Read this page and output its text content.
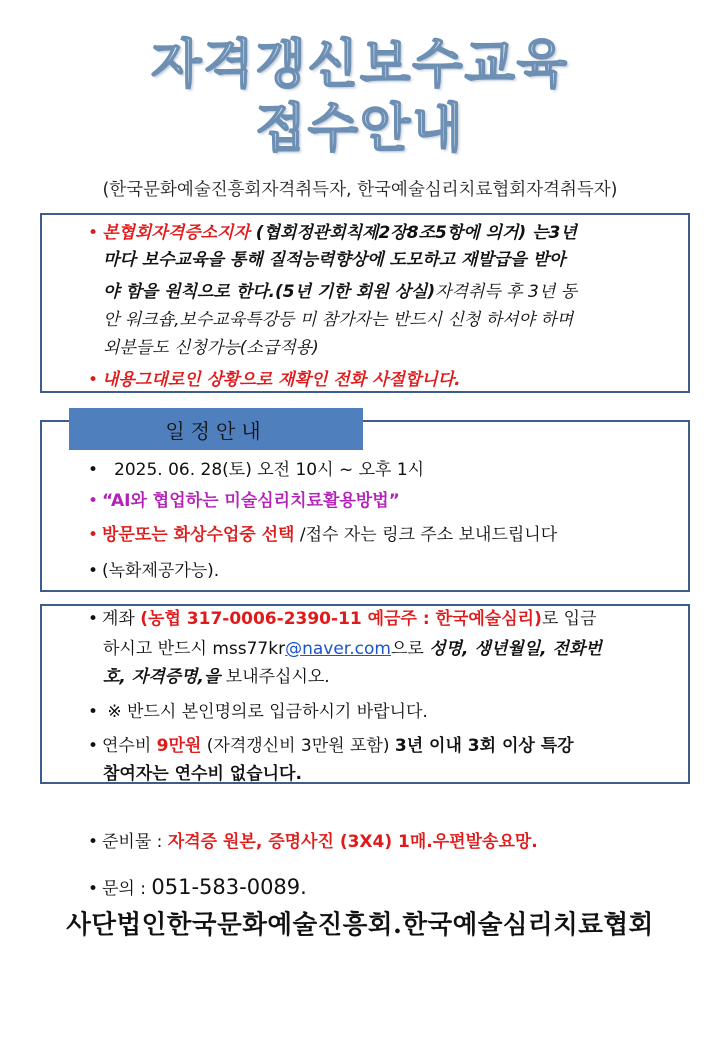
자격갱신보수교육
접수안내
(한국문화예술진흥회자격취득자, 한국예술심리치료협회자격취득자)
• 본협회자격증소지자 (협회정관회칙제2장8조5항에 의거) 는3년
마다 보수교육을 통해 질적능력향상에 도모하고 재발급을 받아
야 함을 원칙으로 한다.(5년 기한 회원 상실)자격취득 후 3년 동
안 워크숍,보수교육특강등 미 참가자는 반드시 신청 하셔야 하며
외분들도 신청가능(소급적용)
• 내용그대로인 상황으로 재확인 전화 사절합니다.
일정안내
• 2025. 06. 28(토) 오전 10시 ~ 오후 1시
• “AI와 협업하는 미술심리치료활용방법”
• 방문또는 화상수업중 선택 /접수 자는 링크 주소 보내드립니다
• (녹화제공가능).
• 계좌 (농협 317-0006-2390-11 예금주 : 한국예술심리)로 입금
하시고 반드시 mss77kr@naver.com으로 성명, 생년월일, 전화번
호, 자격증명,을 보내주십시오.
• ※ 반드시 본인명의로 입금하시기 바랍니다.
• 연수비 9만원 (자격갱신비 3만원 포함) 3년 이내 3회 이상 특강
참여자는 연수비 없습니다.
• 준비물 : 자격증 원본, 증명사진 (3X4) 1매.우편발송요망.
• 문의 : 051-583-0089.
사단법인한국문화예술진흥회.한국예술심리치료협회
